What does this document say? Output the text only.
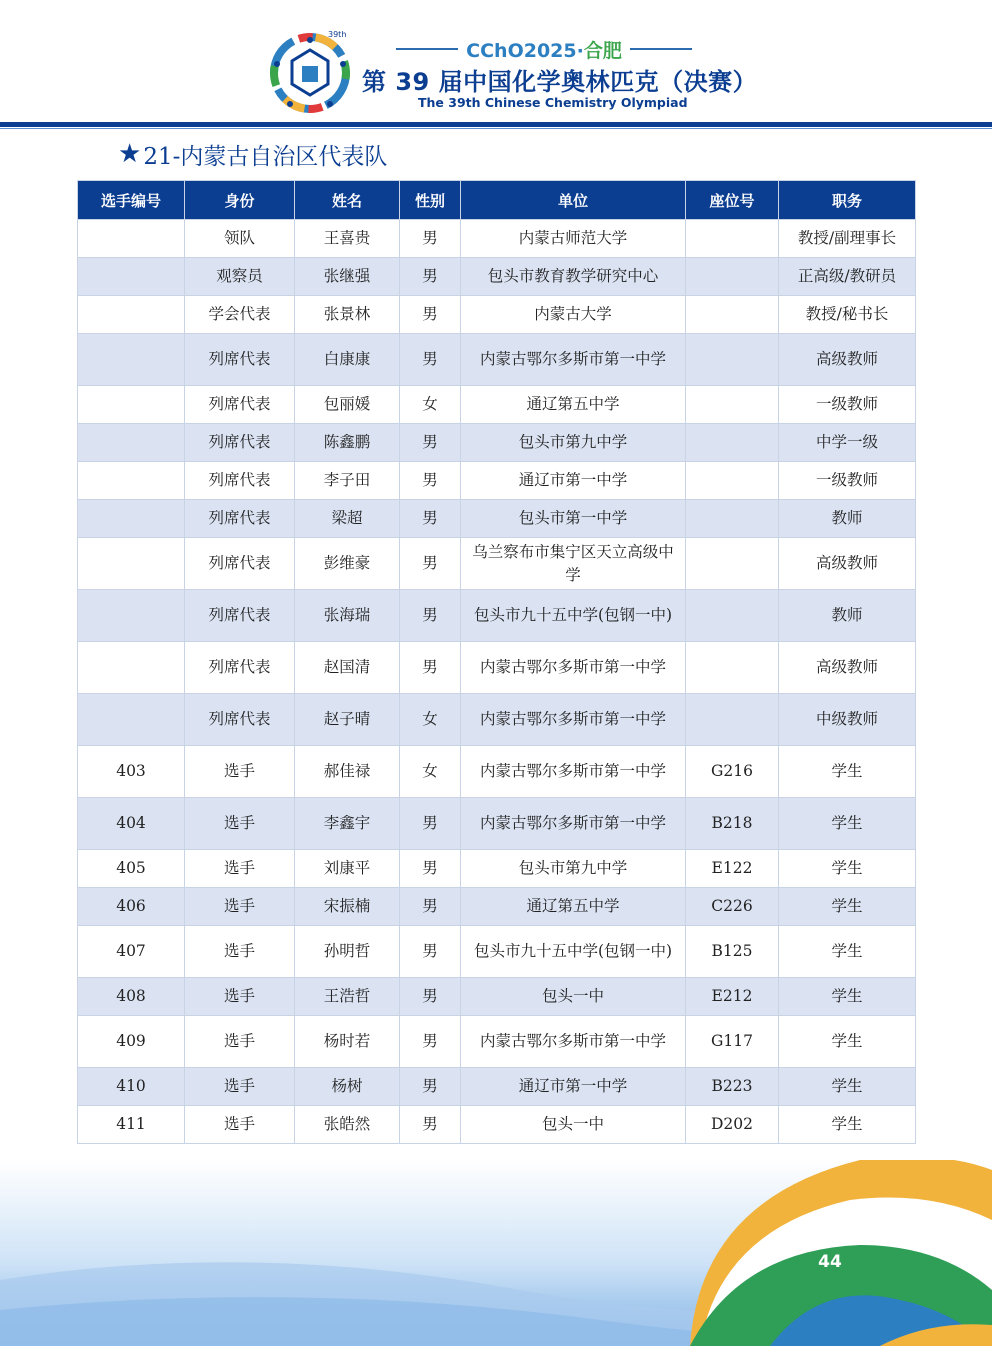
39th
CChO2025·合肥
第 39 届中国化学奥林匹克（决赛）
The 39th Chinese Chemistry Olympiad
★ 21-内蒙古自治区代表队
选手编号	身份	姓名	性别	单位	座位号	职务
	领队	王喜贵	男	内蒙古师范大学		教授/副理事长
	观察员	张继强	男	包头市教育教学研究中心		正高级/教研员
	学会代表	张景林	男	内蒙古大学		教授/秘书长
	列席代表	白康康	男	内蒙古鄂尔多斯市第一中学		高级教师
	列席代表	包丽媛	女	通辽第五中学		一级教师
	列席代表	陈鑫鹏	男	包头市第九中学		中学一级
	列席代表	李子田	男	通辽市第一中学		一级教师
	列席代表	梁超	男	包头市第一中学		教师
	列席代表	彭维豪	男	乌兰察布市集宁区天立高级中学		高级教师
	列席代表	张海瑞	男	包头市九十五中学(包钢一中)		教师
	列席代表	赵国清	男	内蒙古鄂尔多斯市第一中学		高级教师
	列席代表	赵子晴	女	内蒙古鄂尔多斯市第一中学		中级教师
403	选手	郝佳禄	女	内蒙古鄂尔多斯市第一中学	G216	学生
404	选手	李鑫宇	男	内蒙古鄂尔多斯市第一中学	B218	学生
405	选手	刘康平	男	包头市第九中学	E122	学生
406	选手	宋振楠	男	通辽第五中学	C226	学生
407	选手	孙明哲	男	包头市九十五中学(包钢一中)	B125	学生
408	选手	王浩哲	男	包头一中	E212	学生
409	选手	杨时若	男	内蒙古鄂尔多斯市第一中学	G117	学生
410	选手	杨树	男	通辽市第一中学	B223	学生
411	选手	张皓然	男	包头一中	D202	学生
44
